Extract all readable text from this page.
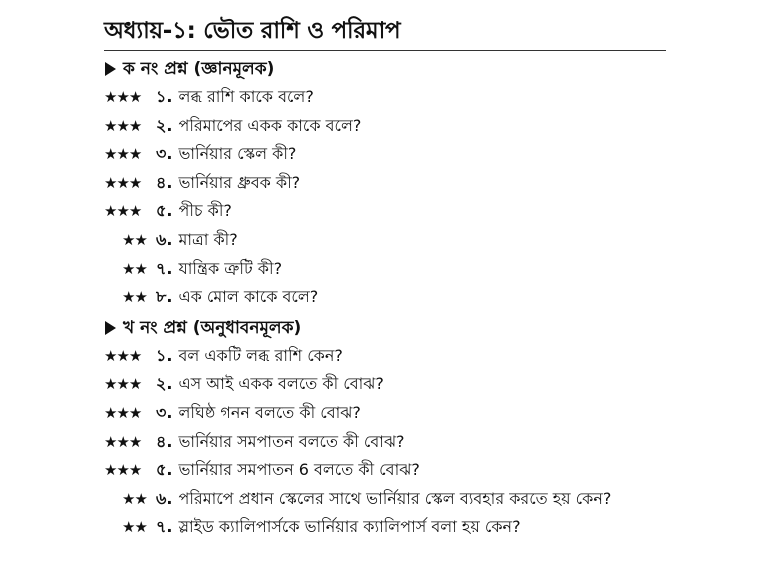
অধ্যায়-১: ভৌত রাশি ও পরিমাপ
ক নং প্রশ্ন (জ্ঞানমূলক)
★★★ ১. লব্ধ রাশি কাকে বলে?
★★★ ২. পরিমাপের একক কাকে বলে?
★★★ ৩. ভার্নিয়ার স্কেল কী?
★★★ ৪. ভার্নিয়ার ধ্রুবক কী?
★★★ ৫. পীচ কী?
★★ ৬. মাত্রা কী?
★★ ৭. যান্ত্রিক ত্রুটি কী?
★★ ৮. এক মোল কাকে বলে?
খ নং প্রশ্ন (অনুধাবনমূলক)
★★★ ১. বল একটি লব্ধ রাশি কেন?
★★★ ২. এস আই একক বলতে কী বোঝ?
★★★ ৩. লঘিষ্ঠ গনন বলতে কী বোঝ?
★★★ ৪. ভার্নিয়ার সমপাতন বলতে কী বোঝ?
★★★ ৫. ভার্নিয়ার সমপাতন 6 বলতে কী বোঝ?
★★ ৬. পরিমাপে প্রধান স্কেলের সাথে ভার্নিয়ার স্কেল ব্যবহার করতে হয় কেন?
★★ ৭. স্লাইড ক্যালিপার্সকে ভার্নিয়ার ক্যালিপার্স বলা হয় কেন?
